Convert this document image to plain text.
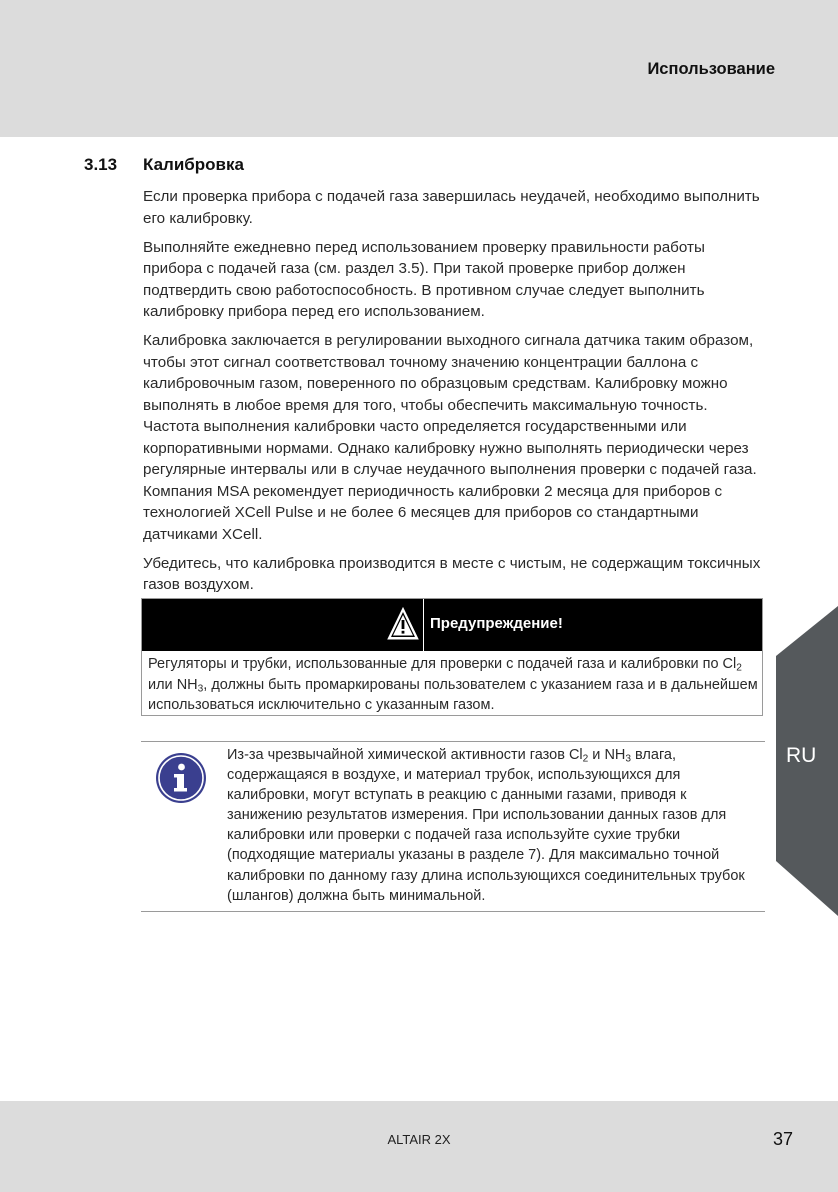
Использование
3.13 Калибровка

Если проверка прибора с подачей газа завершилась неудачей, необходимо выполнить его калибровку.

Выполняйте ежедневно перед использованием проверку правильности работы прибора с подачей газа (см. раздел 3.5). При такой проверке прибор должен подтвердить свою работоспособность. В противном случае следует выполнить калибровку прибора перед его использованием.

Калибровка заключается в регулировании выходного сигнала датчика таким образом, чтобы этот сигнал соответствовал точному значению концентрации баллона с калибровочным газом, поверенного по образцовым средствам. Калибровку можно выполнять в любое время для того, чтобы обеспечить максимальную точность. Частота выполнения калибровки часто определяется государственными или корпоративными нормами. Однако калибровку нужно выполнять периодически через регулярные интервалы или в случае неудачного выполнения проверки с подачей газа. Компания MSA рекомендует периодичность калибровки 2 месяца для приборов с технологией XCell Pulse и не более 6 месяцев для приборов со стандартными датчиками XCell.

Убедитесь, что калибровка производится в месте с чистым, не содержащим токсичных газов воздухом.

Предупреждение!
Регуляторы и трубки, использованные для проверки с подачей газа и калибровки по $Cl_2$ или $NH_3$, должны быть промаркированы пользователем с указанием газа и в дальнейшем использоваться исключительно с указанным газом.
Из-за чрезвычайной химической активности газов $Cl_2$ и $NH_3$ влага, содержащаяся в воздухе, и материал трубок, использующихся для калибровки, могут вступать в реакцию с данными газами, приводя к занижению результатов измерения. При использовании данных газов для калибровки или проверки с подачей газа используйте сухие трубки (подходящие материалы указаны в разделе 7). Для максимально точной калибровки по данному газу длина использующихся соединительных трубок (шлангов) должна быть минимальной.
RU
ALTAIR 2X	37
